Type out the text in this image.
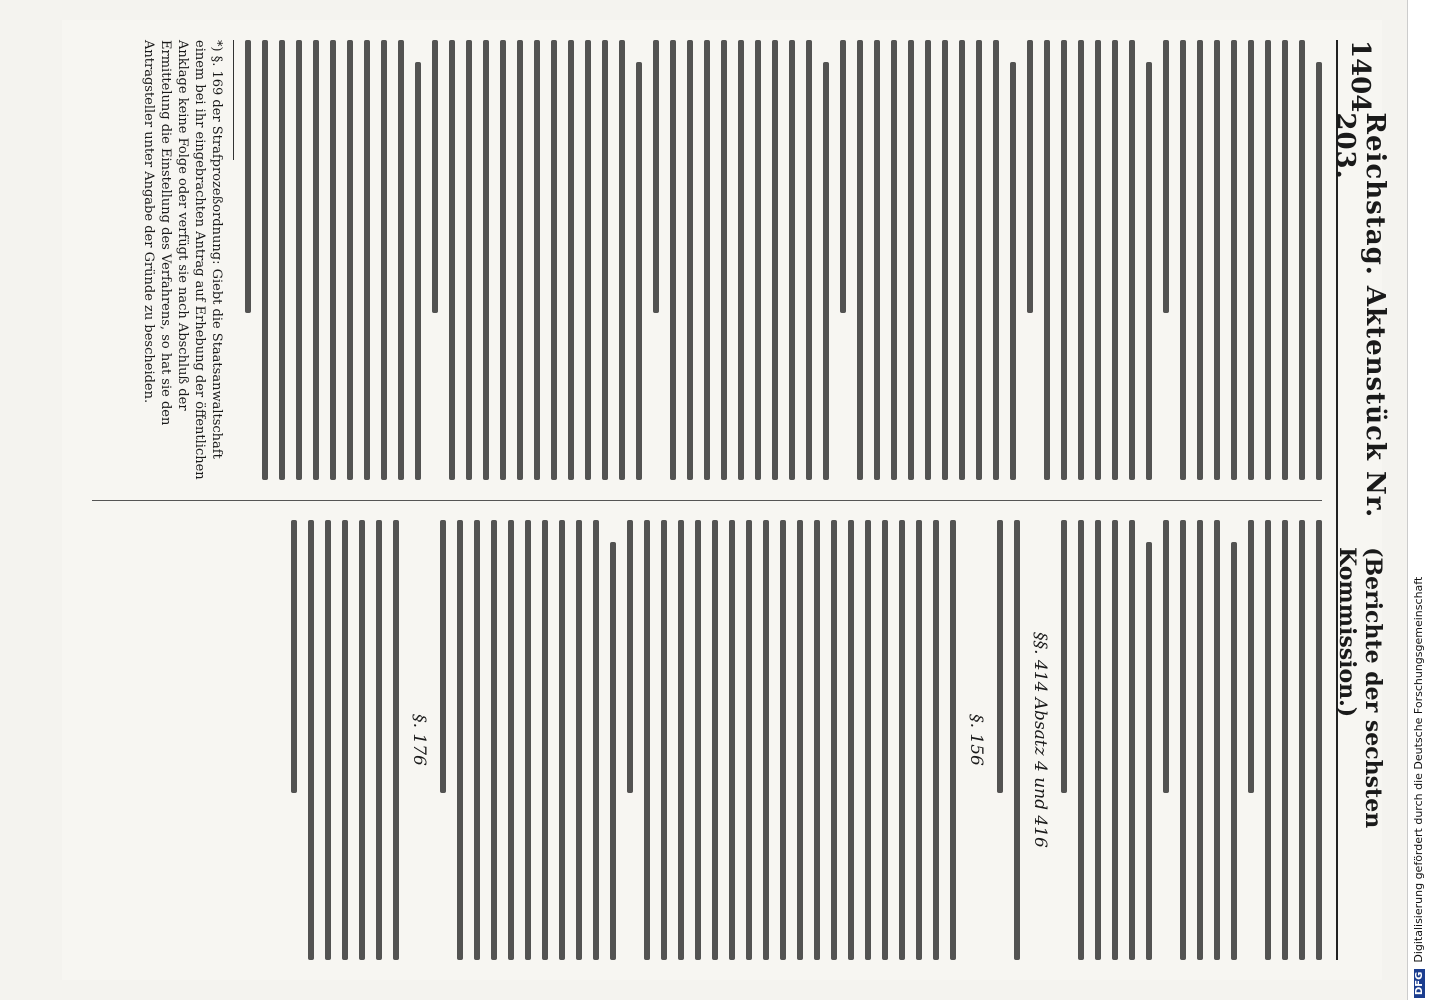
1404
Reichstag. Aktenstück Nr. 203.
(Berichte der sechsten Kommission.)
*) §. 169 der Strafprozeßordnung: Giebt die Staatsanwaltschaft einem bei ihr eingebrachten Antrag auf Erhebung der öffentlichen Anklage keine Folge oder verfügt sie nach Abschluß der Ermittelung die Einstellung des Verfahrens, so hat sie den Antragsteller unter Angabe der Gründe zu bescheiden.
§§. 414 Absatz 4 und 416
§. 156
§. 176
DFGDigitalisierung gefördert durch die Deutsche Forschungsgemeinschaft
